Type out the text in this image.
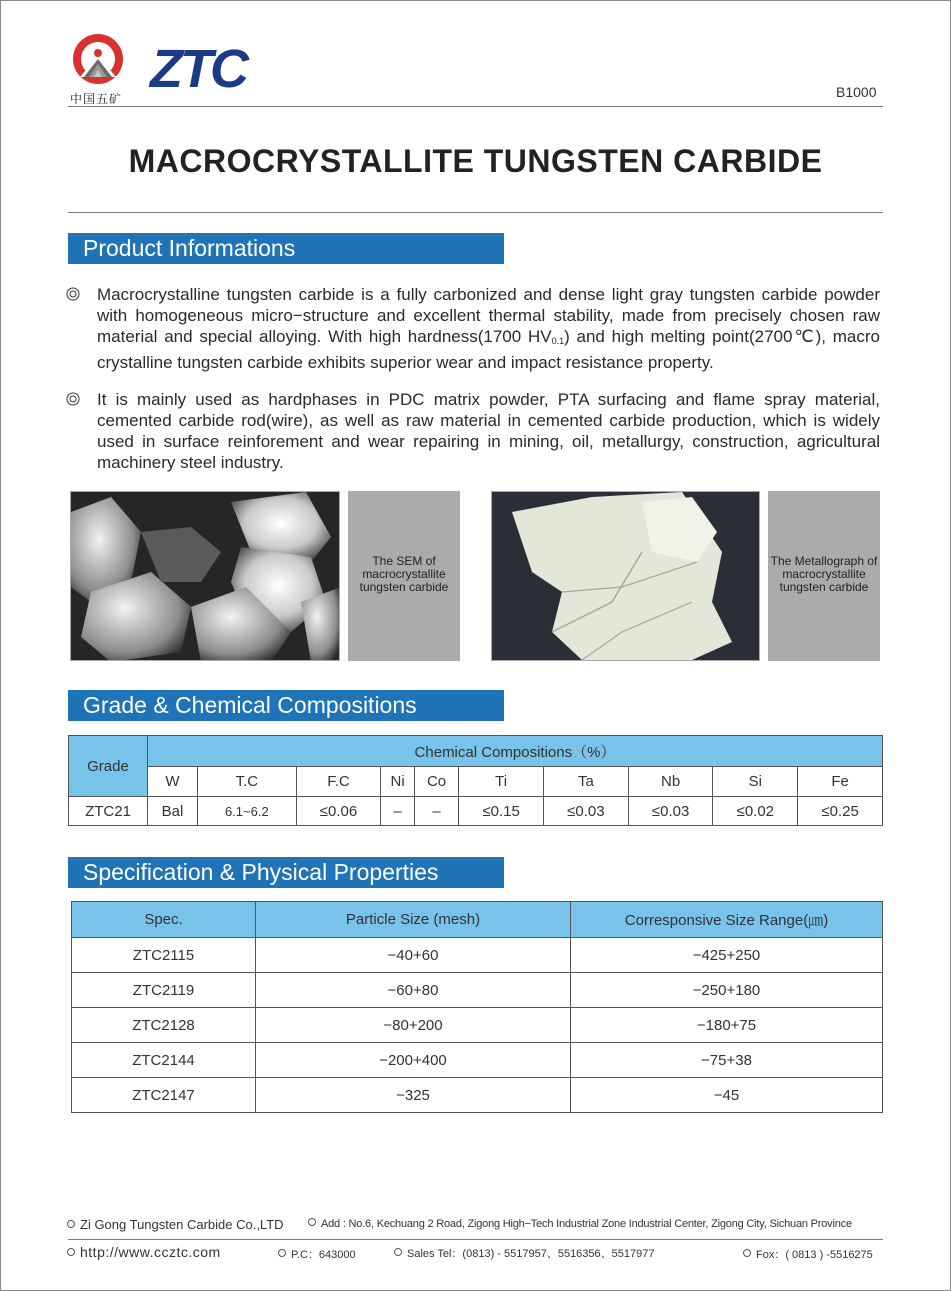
中国五矿 ZTC	B1000
MACROCRYSTALLITE TUNGSTEN CARBIDE
Product Informations
Macrocrystalline tungsten carbide is a fully carbonized and dense light gray tungsten carbide powder with homogeneous micro−structure and excellent thermal stability, made from precisely chosen raw material and special alloying. With high hardness(1700 $HV_{0.1}$) and high melting point(2700℃), macro crystalline tungsten carbide exhibits superior wear and impact resistance property.
It is mainly used as hardphases in PDC matrix powder, PTA surfacing and flame spray material, cemented carbide rod(wire), as well as raw material in cemented carbide production, which is widely used in surface reinforement and wear repairing in mining, oil, metallurgy, construction, agricultural machinery steel industry.
The SEM of macrocrystallite tungsten carbide
The Metallograph of macrocrystallite tungsten carbide
Grade & Chemical Compositions
Grade	Chemical Compositions（%）									
	W	T.C	F.C	Ni	Co	Ti	Ta	Nb	Si	Fe
ZTC21	Bal	6.1~6.2	≤0.06	–	–	≤0.15	≤0.03	≤0.03	≤0.02	≤0.25
Specification & Physical Properties
Spec.	Particle Size (mesh)	Corresponsive Size Range(㎛)
ZTC2115	−40+60	−425+250
ZTC2119	−60+80	−250+180
ZTC2128	−80+200	−180+75
ZTC2144	−200+400	−75+38
ZTC2147	−325	−45
Zi Gong Tungsten Carbide Co.,LTD	Add : No.6, Kechuang 2 Road, Zigong High−Tech Industrial Zone Industrial Center, Zigong City, Sichuan Province
http://www.ccztc.com	P.C：643000	Sales Tel：(0813) - 5517957、5516356、5517977	Fox：( 0813 ) -5516275
